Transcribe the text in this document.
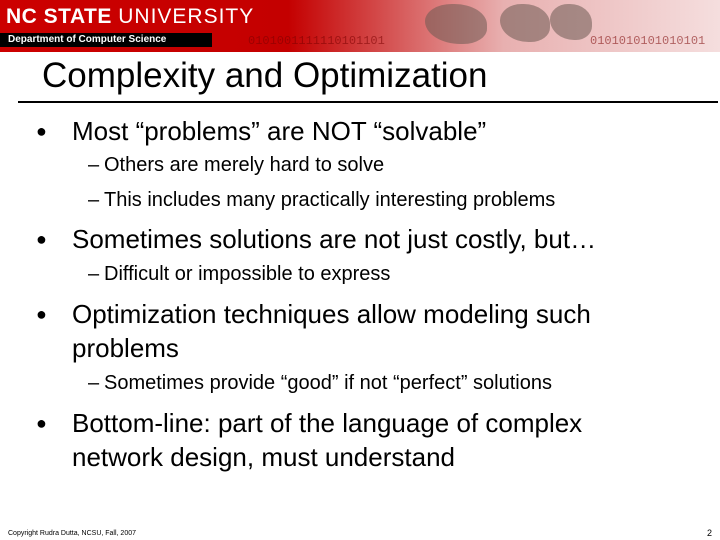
NC STATE UNIVERSITY
Department of Computer Science	0101001111110101101	0101010101010101
Complexity and Optimization
● Most “problems” are NOT “solvable”
– Others are merely hard to solve
– This includes many practically interesting problems
● Sometimes solutions are not just costly, but…
– Difficult or impossible to express
● Optimization techniques allow modeling such
problems
– Sometimes provide “good” if not “perfect” solutions
● Bottom-line: part of the language of complex
network design, must understand
Copyright Rudra Dutta, NCSU, Fall, 2007	2
